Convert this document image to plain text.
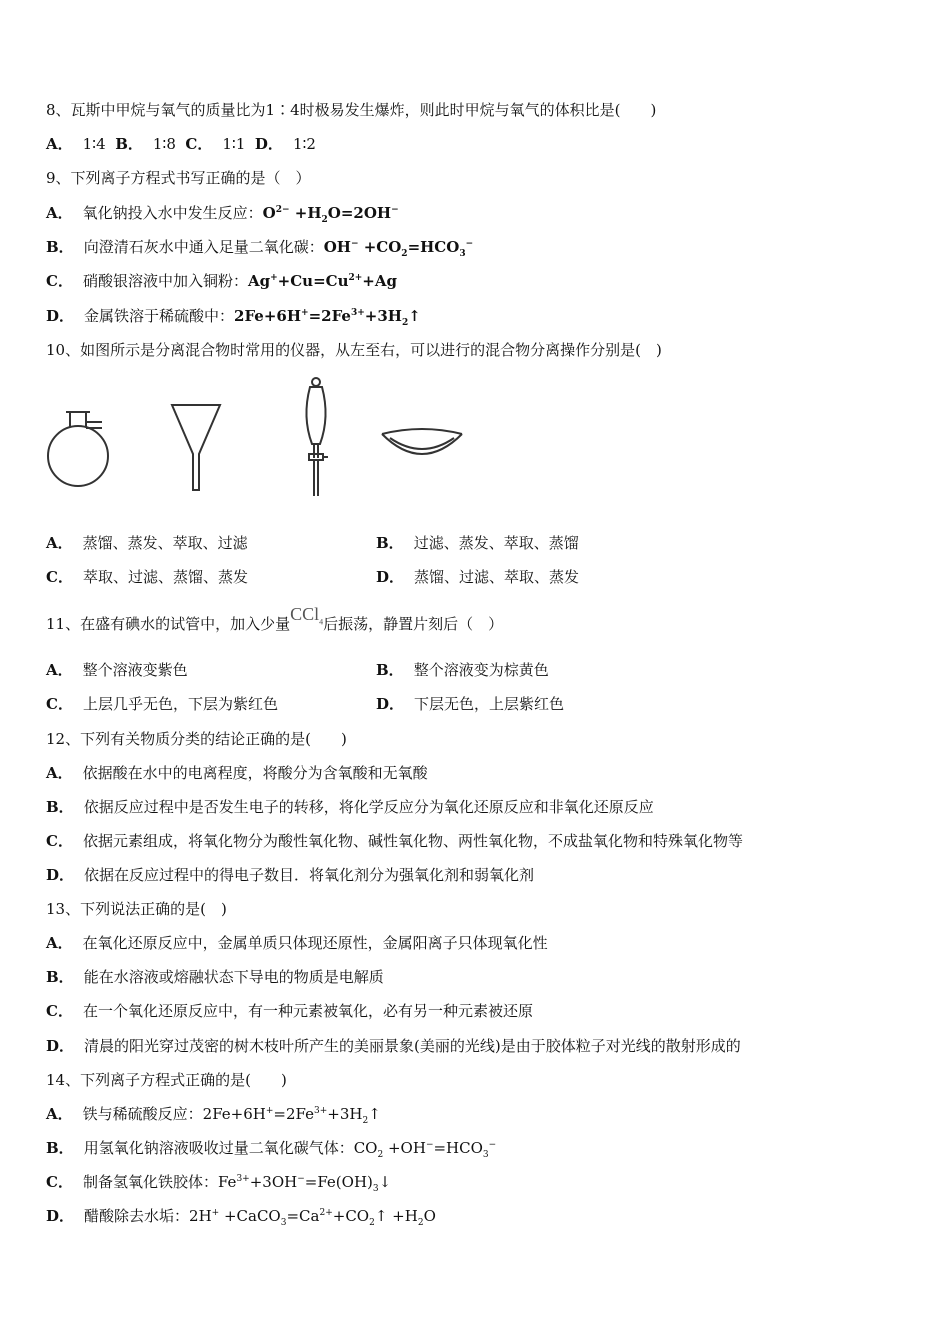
8、瓦斯中甲烷与氧气的质量比为1∶4时极易发生爆炸，则此时甲烷与氧气的体积比是(　　)
A． 1∶4 B． 1∶8 C． 1∶1 D． 1∶2
9、下列离子方程式书写正确的是（　）
A． 氧化钠投入水中发生反应：$O^{2-} +H_2O=2OH^-$
B． 向澄清石灰水中通入足量二氧化碳：$OH^- +CO_2=HCO_3^-$
C． 硝酸银溶液中加入铜粉：$Ag^++Cu=Cu^{2+}+Ag$
D． 金属铁溶于稀硫酸中：$2Fe+6H^+=2Fe^{3+}+3H_2↑$
10、如图所示是分离混合物时常用的仪器，从左至右，可以进行的混合物分离操作分别是(　)
A． 蒸馏、蒸发、萃取、过滤	B． 过滤、蒸发、萃取、蒸馏
C． 萃取、过滤、蒸馏、蒸发	D． 蒸馏、过滤、萃取、蒸发
11、在盛有碘水的试管中，加入少量CCl$_4$后振荡，静置片刻后（　）
A． 整个溶液变紫色	B． 整个溶液变为棕黄色
C． 上层几乎无色，下层为紫红色	D． 下层无色，上层紫红色
12、下列有关物质分类的结论正确的是(　　)
A． 依据酸在水中的电离程度，将酸分为含氧酸和无氧酸
B． 依据反应过程中是否发生电子的转移，将化学反应分为氧化还原反应和非氧化还原反应
C． 依据元素组成，将氧化物分为酸性氧化物、碱性氧化物、两性氧化物，不成盐氧化物和特殊氧化物等
D． 依据在反应过程中的得电子数目．将氧化剂分为强氧化剂和弱氧化剂
13、下列说法正确的是(　)
A． 在氧化还原反应中，金属单质只体现还原性，金属阳离子只体现氧化性
B． 能在水溶液或熔融状态下导电的物质是电解质
C． 在一个氧化还原反应中，有一种元素被氧化，必有另一种元素被还原
D． 清晨的阳光穿过茂密的树木枝叶所产生的美丽景象(美丽的光线)是由于胶体粒子对光线的散射形成的
14、下列离子方程式正确的是(　　)
A． 铁与稀硫酸反应：$2Fe+6H^+=2Fe^{3+}+3H_2↑$
B． 用氢氧化钠溶液吸收过量二氧化碳气体：$CO_2 +OH^-=HCO_3^-$
C． 制备氢氧化铁胶体：$Fe^{3+}+3OH^-=Fe(OH)_3↓$
D． 醋酸除去水垢：$2H^+ +CaCO_3=Ca^{2+}+CO_2↑ +H_2O$
